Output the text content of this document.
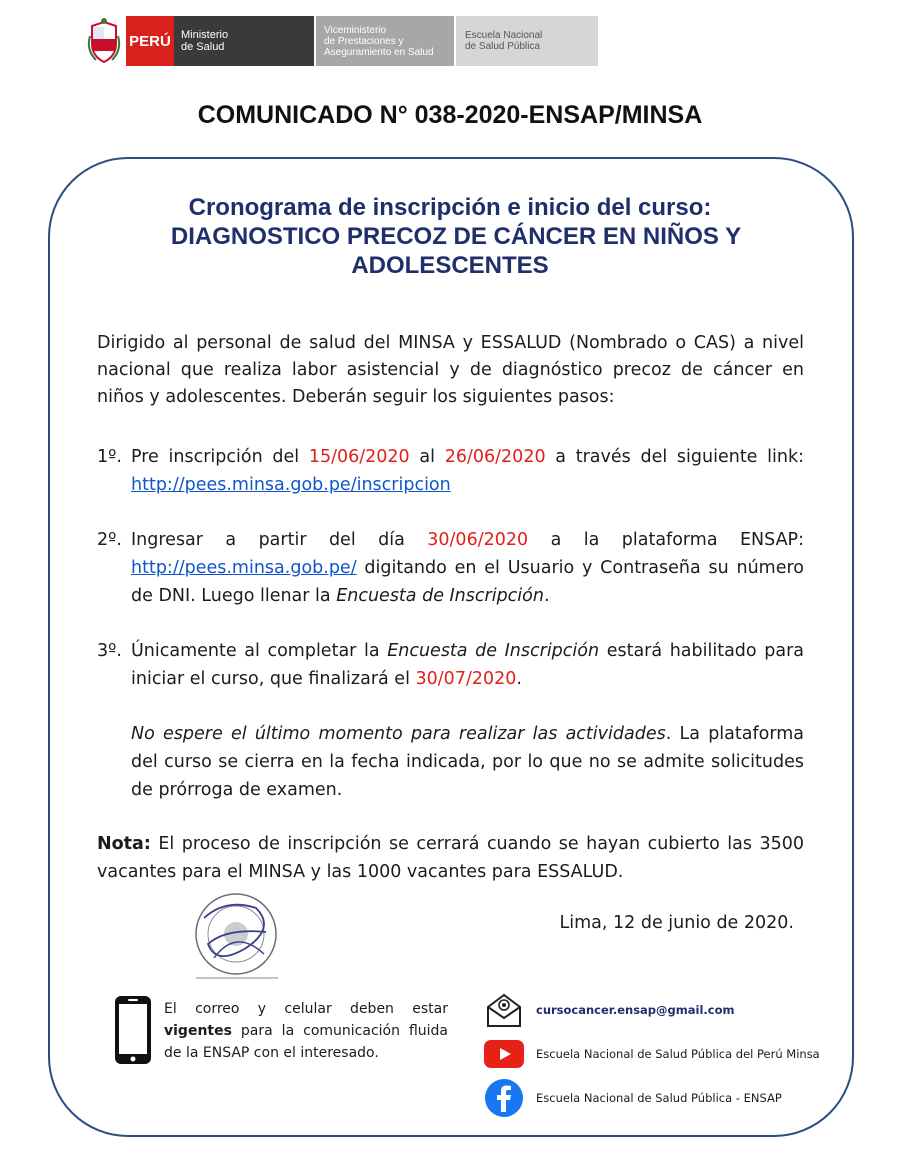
PERÚ Ministerio
de Salud
Viceministerio
de Prestaciones y
Aseguramiento en Salud
Escuela Nacional
de Salud Pública
COMUNICADO N° 038-2020-ENSAP/MINSA
Cronograma de inscripción e inicio del curso:
DIAGNOSTICO PRECOZ DE CÁNCER EN NIÑOS Y
ADOLESCENTES
Dirigido al personal de salud del MINSA y ESSALUD (Nombrado o CAS) a nivel nacional que realiza labor asistencial y de diagnóstico precoz de cáncer en niños y adolescentes. Deberán seguir los siguientes pasos:
1º. Pre inscripción del 15/06/2020 al 26/06/2020 a través del siguiente link: http://pees.minsa.gob.pe/inscripcion
2º. Ingresar a partir del día 30/06/2020 a la plataforma ENSAP: http://pees.minsa.gob.pe/ digitando en el Usuario y Contraseña su número de DNI. Luego llenar la Encuesta de Inscripción.
3º. Únicamente al completar la Encuesta de Inscripción estará habilitado para iniciar el curso, que finalizará el 30/07/2020.
No espere el último momento para realizar las actividades. La plataforma del curso se cierra en la fecha indicada, por lo que no se admite solicitudes de prórroga de examen.
Nota: El proceso de inscripción se cerrará cuando se hayan cubierto las 3500 vacantes para el MINSA y las 1000 vacantes para ESSALUD.
Lima, 12 de junio de 2020.
El correo y celular deben estar vigentes para la comunicación fluida de la ENSAP con el interesado.
cursocancer.ensap@gmail.com
Escuela Nacional de Salud Pública del Perú Minsa
Escuela Nacional de Salud Pública - ENSAP
